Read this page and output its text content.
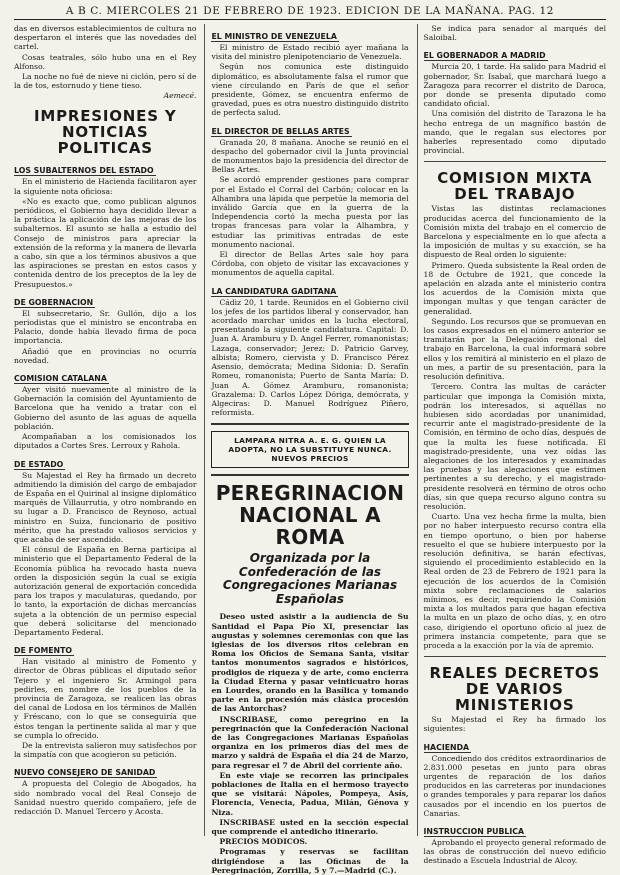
A B C. MIERCOLES 21 DE FEBRERO DE 1923. EDICION DE LA MAÑANA. PAG. 12

das en diversos establecimientos de cultura no despertaron el interés que las novedades del cartel.

Cosas teatrales, sólo hubo una en el Rey Alfonso.

La noche no fué de nieve ni ciclón, pero sí de la de tos, estornudo y tiene tieso.

Aemecé.
IMPRESIONES Y NOTICIAS POLITICAS
LOS SUBALTERNOS DEL ESTADO

En el ministerio de Hacienda facilitaron ayer la siguiente nota oficiosa:

«No es exacto que, como publican algunos periódicos, el Gobierno haya decidido llevar a la práctica la aplicación de las mejoras de los subalternos. El asunto se halla a estudio del Consejo de ministros para apreciar la extensión de la reforma y la manera de llevarla a cabo, sin que a los términos abusivos a que las aspiraciones se prestan en estos casos y contenida dentro de los preceptos de la ley de Presupuestos.»

DE GOBERNACION

El subsecretario, Sr. Gullón, dijo a los periodistas que el ministro se encontraba en Palacio, donde había llevado firma de poca importancia.

Añadió que en provincias no ocurría novedad.

COMISION CATALANA

Ayer visitó nuevamente al ministro de la Gobernación la comisión del Ayuntamiento de Barcelona que ha venido a tratar con el Gobierno del asunto de las aguas de aquella población.

Acompañaban a los comisionados los diputados a Cortes Sres. Lerroux y Rahola.

DE ESTADO

Su Majestad el Rey ha firmado un decreto admitiendo la dimisión del cargo de embajador de España en el Quirinal al insigne diplomático marqués de Villaurrutia, y otro nombrando en su lugar a D. Francisco de Reynoso, actual ministro en Suiza, funcionario de positivo mérito, que ha prestado valiosos servicios y que acaba de ser ascendido.

El cónsul de España en Berna participa al ministerio que el Departamento Federal de la Economía pública ha revocado hasta nueva orden la disposición según la cual se exigía autorización general de exportación concedida para los trapos y maculaturas, quedando, por lo tanto, la exportación de dichas mercancías sujeta a la obtención de un permiso especial que deberá solicitarse del mencionado Departamento Federal.

DE FOMENTO

Han visitado al ministro de Fomento y director de Obras públicas el diputado señor Tejero y el ingeniero Sr. Armingol para pedirles, en nombre de los pueblos de la provincia de Zaragoza, se realicen las obras del canal de Lodosa en los términos de Mallén y Fréscano, con lo que se conseguiría que éstos tengan la pertinente salida al mar y que se cumpla lo ofrecido.

De la entrevista salieron muy satisfechos por la simpatía con que acogieron su petición.

NUEVO CONSEJERO DE SANIDAD

A propuesta del Colegio de Abogados, ha sido nombrado vocal del Real Consejo de Sanidad nuestro querido compañero, jefe de redacción D. Manuel Tercero y Acosta.

EL MINISTRO DE VENEZUELA

El ministro de Estado recibió ayer mañana la visita del ministro plenipotenciario de Venezuela.

Según nos comunica este distinguido diplomático, es absolutamente falsa el rumor que viene circulando en París de que el señor presidente, Gómez, se encuentra enfermo de gravedad, pues es otra nuestro distinguido distrito de perfecta salud.

EL DIRECTOR DE BELLAS ARTES

Granada 20, 8 mañana. Anoche se reunió en el despacho del gobernador civil la Junta provincial de monumentos bajo la presidencia del director de Bellas Artes.

Se acordó emprender gestiones para comprar por el Estado el Corral del Carbón; colocar en la Alhambra una lápida que perpetúe la memoria del inválido García que en la guerra de la Independencia cortó la mecha puesta por las tropas francesas para volar la Alhambra, y estudiar las primitivas entradas de este monumento nacional.

El director de Bellas Artes sale hoy para Córdoba, con objeto de visitar las excavaciones y monumentos de aquella capital.

LA CANDIDATURA GADITANA

Cádiz 20, 1 tarde. Reunidos en el Gobierno civil los jefes de los partidos liberal y conservador, han acordado marchar unidos en la lucha electoral, presentando la siguiente candidatura. Capital: D. Juan A. Aramburu y D. Angel Ferrer, romanonistas; Lazaga, conservador; Jerez: D. Patricio Garvey, albista; Romero, ciervista y D. Francisco Pérez Asensio, demócrata; Medina Sidonia: D. Serafín Romeu, romanonista; Puerto de Santa María: D. Juan A. Gómez Aramburu, romanonista; Grazalema: D. Carlos López Dóriga, demócrata, y Algeciras: D. Manuel Rodríguez Piñero, reformista.

LAMPARA NITRA A. E. G. QUIEN LA ADOPTA, NO LA SUBSTITUYE NUNCA. NUEVOS PRECIOS
PEREGRINACION NACIONAL A ROMA
Organizada por la Confederación de las Congregaciones Marianas Españolas

Deseo usted asistir a la audiencia de Su Santidad el Papa Pío XI, presenciar las augustas y solemnes ceremonias con que las iglesias de los diversos ritos celebran en Roma los Oficios de Semana Santa, visitar tantos monumentos sagrados e históricos, prodigios de riqueza y de arte, como encierra la Ciudad Eterna y pasar veinticuatro horas en Lourdes, orando en la Basílica y tomando parte en la procesión más clásica procesión de las Antorchas?

INSCRIBASE, como peregrino en la peregrinación que la Confederación Nacional de las Congregaciones Marianas Españolas organiza en los primeros días del mes de marzo y saldrá de España el día 24 de Marzo, para regresar el 7 de Abril del corriente año.

En este viaje se recorren las principales poblaciones de Italia en el hermoso trayecto que se visitará: Nápoles, Pompeya, Asís, Florencia, Venecia, Padua, Milán, Génova y Niza.

INSCRIBASE usted en la sección especial que comprende el antedicho itinerario.

PRECIOS MODICOS.

Programas y reservas se facilitan dirigiéndose a las Oficinas de la Peregrinación, Zorrilla, 5 y 7.—Madrid (C.).

Se indica para senador al marqués del Saloibal.

EL GOBERNADOR A MADRID

Murcia 20, 1 tarde. Ha salido para Madrid el gobernador, Sr. Isabal, que marchará luego a Zaragoza para recorrer el distrito de Daroca, por donde se presenta diputado como candidato oficial.

Una comisión del distrito de Tarazona le ha hecho entrega de un magnífico bastón de mando, que le regalan sus electores por haberles representado como diputado provincial.

COMISION MIXTA DEL TRABAJO

Vistas las distintas reclamaciones producidas acerca del funcionamiento de la Comisión mixta del trabajo en el comercio de Barcelona y especialmente en lo que afecta a la imposición de multas y su exacción, se ha dispuesto de Real orden lo siguiente:

Primero. Queda subsistente la Real orden de 18 de Octubre de 1921, que concede la apelación en alzada ante el ministerio contra los acuerdos de la Comisión mixta que impongan multas y que tengan carácter de generalidad.

Segundo. Los recursos que se promuevan en los casos expresados en el número anterior se tramitarán por la Delegación regional del trabajo en Barcelona, la cual informará sobre ellos y los remitirá al ministerio en el plazo de un mes, a partir de su presentación, para la resolución definitiva.

Tercero. Contra las multas de carácter particular que imponga la Comisión mixta, podrán los interesados, si aquéllas no hubiesen sido acordadas por unanimidad, recurrir ante el magistrado-presidente de la Comisión, en término de ocho días, después de que la multa les fuese notificada. El magistrado-presidente, una vez oídas las alegaciones de los interesados y examinadas las pruebas y las alegaciones que estimen pertinentes a su derecho, y el magistrado-presidente resolverá en término de otros ocho días, sin que quepa recurso alguno contra su resolución.

Cuarto. Una vez hecha firme la multa, bien por no haber interpuesto recurso contra ella en tiempo oportuno, o bien por haberse resuelto el que se hubiere interpuesto por la resolución definitiva, se harán efectivas, siguiendo el procedimiento establecido en la Real orden de 23 de Febrero de 1921 para la ejecución de los acuerdos de la Comisión mixta sobre reclamaciones de salarios mínimos, es decir, requiriendo la Comisión mixta a los multados para que hagan efectiva la multa en un plazo de ocho días, y, en otro caso, dirigiendo el oportuno oficio al juez de primera instancia competente, para que se proceda a la exacción por la vía de apremio.

REALES DECRETOS DE VARIOS MINISTERIOS

Su Majestad el Rey ha firmado los siguientes:

HACIENDA

Concediendo dos créditos extraordinarios de 2.831.000 pesetas en junto para obras urgentes de reparación de los daños producidos en las carreteras por inundaciones o grandes temporales y para reparar los daños causados por el incendio en los puertos de Canarias.

INSTRUCCION PUBLICA

Aprobando el proyecto general reformado de las obras de construcción del nuevo edificio destinado a Escuela Industrial de Alcoy.
